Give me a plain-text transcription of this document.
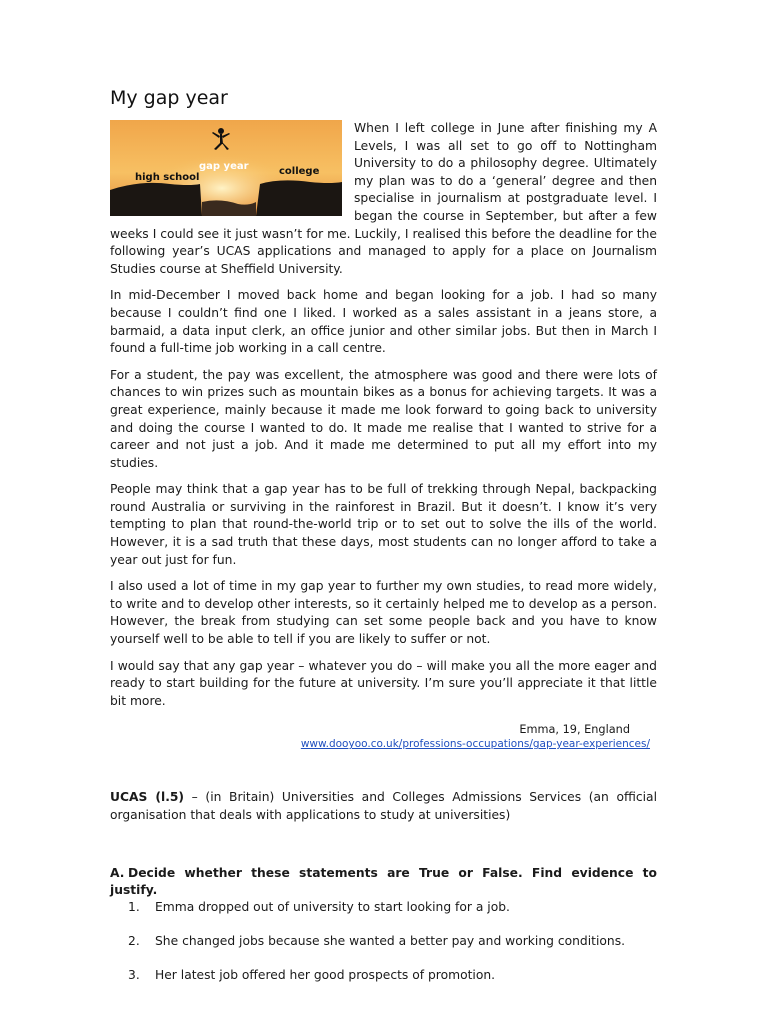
My gap year
high school
gap year	college

When I left college in June after finishing my A Levels, I was all set to go off to Nottingham University to do a philosophy degree. Ultimately my plan was to do a ‘general’ degree and then specialise in journalism at postgraduate level. I began the course in September, but after a few weeks I could see it just wasn’t for me. Luckily, I realised this before the deadline for the following year’s UCAS applications and managed to apply for a place on Journalism Studies course at Sheffield University.

In mid-December I moved back home and began looking for a job. I had so many because I couldn’t find one I liked. I worked as a sales assistant in a jeans store, a barmaid, a data input clerk, an office junior and other similar jobs. But then in March I found a full-time job working in a call centre.

For a student, the pay was excellent, the atmosphere was good and there were lots of chances to win prizes such as mountain bikes as a bonus for achieving targets. It was a great experience, mainly because it made me look forward to going back to university and doing the course I wanted to do. It made me realise that I wanted to strive for a career and not just a job. And it made me determined to put all my effort into my studies.

People may think that a gap year has to be full of trekking through Nepal, backpacking round Australia or surviving in the rainforest in Brazil. But it doesn’t. I know it’s very tempting to plan that round-the-world trip or to set out to solve the ills of the world. However, it is a sad truth that these days, most students can no longer afford to take a year out just for fun.

I also used a lot of time in my gap year to further my own studies, to read more widely, to write and to develop other interests, so it certainly helped me to develop as a person. However, the break from studying can set some people back and you have to know yourself well to be able to tell if you are likely to suffer or not.

I would say that any gap year – whatever you do – will make you all the more eager and ready to start building for the future at university. I’m sure you’ll appreciate it that little bit more.

Emma, 19, England
www.dooyoo.co.uk/professions-occupations/gap-year-experiences/

UCAS (l.5) – (in Britain) Universities and Colleges Admissions Services (an official organisation that deals with applications to study at universities)

A. Decide whether these statements are True or False. Find evidence to justify.

1. Emma dropped out of university to start looking for a job.
2. She changed jobs because she wanted a better pay and working conditions.
3. Her latest job offered her good prospects of promotion.
